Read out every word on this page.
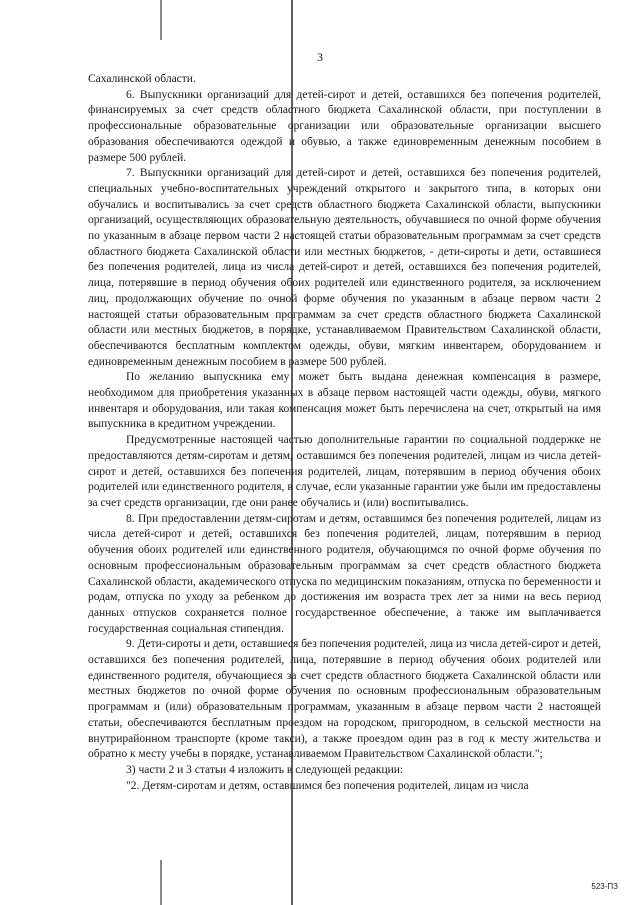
3

Сахалинской области.

6. Выпускники организаций для детей-сирот и детей, оставшихся без попечения родителей, финансируемых за счет средств областного бюджета Сахалинской области, при поступлении в профессиональные образовательные организации или образовательные организации высшего образования обеспечиваются одеждой и обувью, а также единовременным денежным пособием в размере 500 рублей.

7. Выпускники организаций для детей-сирот и детей, оставшихся без попечения родителей, специальных учебно-воспитательных учреждений открытого и закрытого типа, в которых они обучались и воспитывались за счет средств областного бюджета Сахалинской области, выпускники организаций, осуществляющих образовательную деятельность, обучавшиеся по очной форме обучения по указанным в абзаце первом части 2 настоящей статьи образовательным программам за счет средств областного бюджета Сахалинской области или местных бюджетов, - дети-сироты и дети, оставшиеся без попечения родителей, лица из числа детей-сирот и детей, оставшихся без попечения родителей, лица, потерявшие в период обучения обоих родителей или единственного родителя, за исключением лиц, продолжающих обучение по очной форме обучения по указанным в абзаце первом части 2 настоящей статьи образовательным программам за счет средств областного бюджета Сахалинской области или местных бюджетов, в порядке, устанавливаемом Правительством Сахалинской области, обеспечиваются бесплатным комплектом одежды, обуви, мягким инвентарем, оборудованием и единовременным денежным пособием в размере 500 рублей.

По желанию выпускника ему может быть выдана денежная компенсация в размере, необходимом для приобретения указанных в абзаце первом настоящей части одежды, обуви, мягкого инвентаря и оборудования, или такая компенсация может быть перечислена на счет, открытый на имя выпускника в кредитном учреждении.

Предусмотренные настоящей частью дополнительные гарантии по социальной поддержке не предоставляются детям-сиротам и детям, оставшимся без попечения родителей, лицам из числа детей-сирот и детей, оставшихся без попечения родителей, лицам, потерявшим в период обучения обоих родителей или единственного родителя, в случае, если указанные гарантии уже были им предоставлены за счет средств организации, где они ранее обучались и (или) воспитывались.

8. При предоставлении детям-сиротам и детям, оставшимся без попечения родителей, лицам из числа детей-сирот и детей, оставшихся без попечения родителей, лицам, потерявшим в период обучения обоих родителей или единственного родителя, обучающимся по очной форме обучения по основным профессиональным образовательным программам за счет средств областного бюджета Сахалинской области, академического отпуска по медицинским показаниям, отпуска по беременности и родам, отпуска по уходу за ребенком до достижения им возраста трех лет за ними на весь период данных отпусков сохраняется полное государственное обеспечение, а также им выплачивается государственная социальная стипендия.

9. Дети-сироты и дети, оставшиеся без попечения родителей, лица из числа детей-сирот и детей, оставшихся без попечения родителей, лица, потерявшие в период обучения обоих родителей или единственного родителя, обучающиеся за счет средств областного бюджета Сахалинской области или местных бюджетов по очной форме обучения по основным профессиональным образовательным программам и (или) образовательным программам, указанным в абзаце первом части 2 настоящей статьи, обеспечиваются бесплатным проездом на городском, пригородном, в сельской местности на внутрирайонном транспорте (кроме такси), а также проездом один раз в год к месту жительства и обратно к месту учебы в порядке, устанавливаемом Правительством Сахалинской области.";

3) части 2 и 3 статьи 4 изложить в следующей редакции:

"2. Детям-сиротам и детям, оставшимся без попечения родителей, лицам из числа

523-ПЗ
